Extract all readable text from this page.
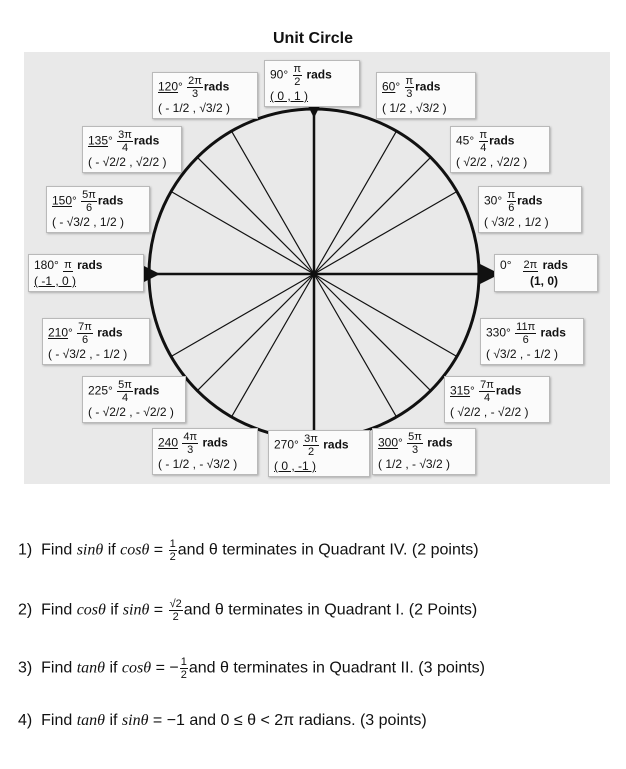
Unit Circle
$90^\circ \frac{\pi}{2}$ rads
( 0 , 1 )
$120^\circ \frac{2\pi}{3}$ rads
( - 1/2 , √3/2 )
$60^\circ \frac{\pi}{3}$ rads
( 1/2 , √3/2 )
$135^\circ \frac{3\pi}{4}$ rads
( - √2/2 , √2/2 )
$45^\circ \frac{\pi}{4}$ rads
( √2/2 , √2/2 )
$150^\circ \frac{5\pi}{6}$ rads
( - √3/2 , 1/2 )
$30^\circ \frac{\pi}{6}$ rads
( √3/2 , 1/2 )
180° π rads
( -1 , 0 )
0° 2π rads
(1, 0)
$210^\circ \frac{7\pi}{6}$ rads
( - √3/2 , - 1/2 )
$330^\circ \frac{11\pi}{6}$ rads
( √3/2 , - 1/2 )
$225^\circ \frac{5\pi}{4}$ rads
( - √2/2 , - √2/2 )
$315^\circ \frac{7\pi}{4}$ rads
( √2/2 , - √2/2 )
$240 \frac{4\pi}{3}$ rads
( - 1/2 , - √3/2 )
$270^\circ \frac{3\pi}{2}$ rads
( 0 , -1 )
$300^\circ \frac{5\pi}{3}$ rads
( 1/2 , - √3/2 )
1) Find sinθ if $\cos\theta = \frac{1}{2}$ and θ terminates in Quadrant IV. (2 points)
2) Find cosθ if $\sin\theta = \frac{√2}{2}$ and θ terminates in Quadrant I. (2 Points)
3) Find tanθ if cosθ = − $\frac{1}{2}$ and θ terminates in Quadrant II. (3 points)
4) Find tanθ if sinθ = −1 and 0 ≤ θ < 2π radians. (3 points)
